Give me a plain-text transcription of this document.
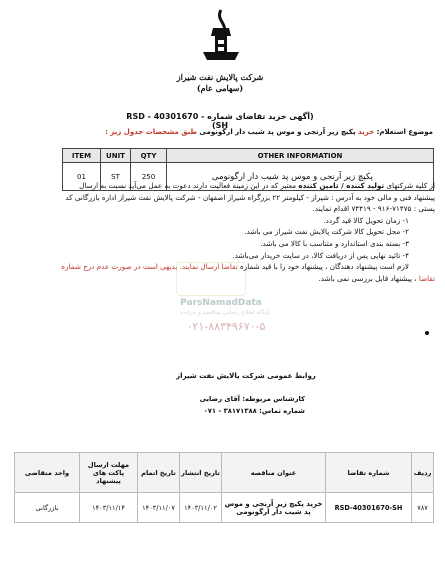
شرکت پالایش نفت شیراز
(سهامی عام)
(آگهی خرید تقاضای شماره RSD - 40301670 - SH)
موضوع استعلام: خرید پکیچ زیر آرنجی و موس پد شیب دار ارگونومی طبق مشخصات جدول زیر :
ITEM	UNIT	QTY	OTHER INFORMATION
01	ST	250	پکیچ زیر آرنجی و موس پد شیب دار ارگونومی

از کلیه شرکتهای تولید کننده / تامین کننده معتبر که در این زمینه فعالیت دارند دعوت به عمل می‌آید نسبت به ارسال

پیشنهاد فنی و مالی خود به آدرس : شیراز - کیلومتر ۲۲ بزرگراه شیراز اصفهان - شرکت پالایش نفت شیراز اداره بازرگانی کد

پستی : ۷۱۴۷۵-۹۱۶ - ۷۴۴۱۹ اقدام نمایند.

۱- زمان تحویل کالا قید گردد.

۲- محل تحویل کالا شرکت پالایش نفت شیراز می باشد.

۳- بسته بندی استاندارد و متناسب با کالا می باشد.

۴- تائید نهایی پس از دریافت کالا، در سایت خریدار می‌باشد.

لازم است پیشنهاد دهندگان ، پیشنهاد خود را با قید شماره تقاضا ارسال نمایند. بدیهی است در صورت عدم درج شماره

تقاضا ، پیشنهاد قابل بررسی نمی باشد.

ParsNamadData
پایگاه اطلاع رسانی مناقصه و مزایده
۰۲۱-۸۸۳۴۹۶۷۰-۵
روابط عمومی شرکت پالایش نفت شیراز
کارشناس مربوطه: آقای رضایی
شماره تماس: ۳۸۱۷۱۳۸۸ - ۰۷۱
ردیف	شماره تقاضا	عنوان مناقصه	تاریخ انتشار	تاریخ اتمام	مهلت ارسال پاکت های پیشنهاد	واحد متقاضی
۷۸۷	RSD-40301670-SH	خرید پکیچ زیر آرنجی و موس پد شیب دار ارگونومی	۱۴۰۳/۱۱/۰۲	۱۴۰۳/۱۱/۰۷	۱۴۰۳/۱۱/۱۴	بازرگانی
